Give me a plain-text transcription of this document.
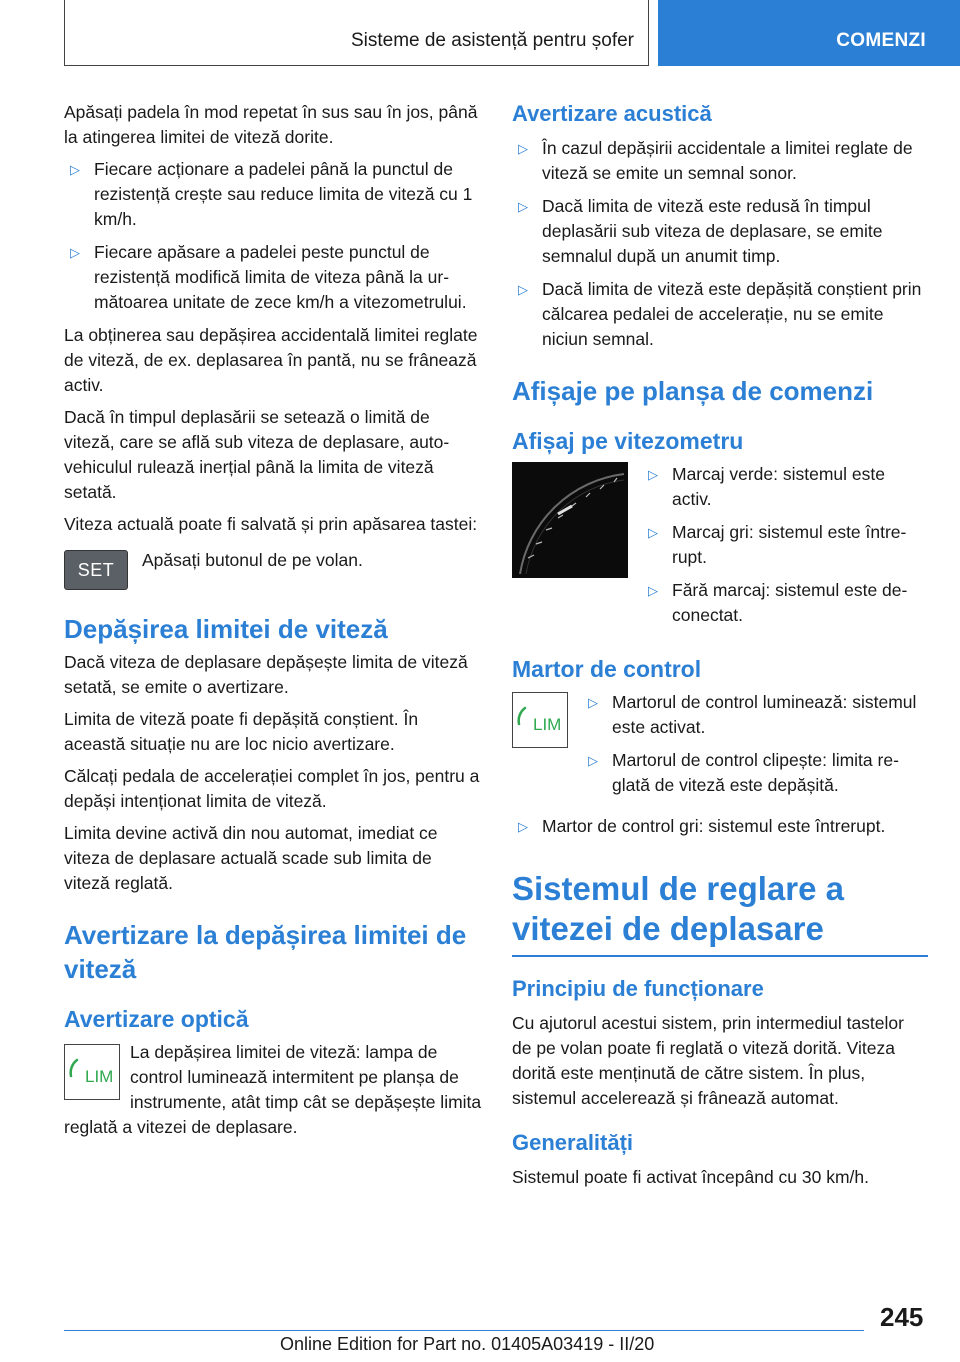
Sisteme de asistență pentru șofer	COMENZI

Apăsați padela în mod repetat în sus sau în jos, până la atingerea limitei de viteză dorite.

▷ Fiecare acționare a padelei până la punctul de rezistență crește sau reduce limita de viteză cu 1 km/h.
▷ Fiecare apăsare a padelei peste punctul de rezistență modifică limita de viteza până la următoarea unitate de zece km/h a vitezometrului.

La obținerea sau depășirea accidentală limitei reglate de viteză, de ex. deplasarea în pantă, nu se frânează activ.

Dacă în timpul deplasării se setează o limită de viteză, care se află sub viteza de deplasare, autovehiculul rulează inerțial până la limita de viteză setată.

Viteza actuală poate fi salvată și prin apăsarea tastei:

SET	Apăsați butonul de pe volan.

Depășirea limitei de viteză

Dacă viteza de deplasare depășește limita de viteză setată, se emite o avertizare.

Limita de viteză poate fi depășită conștient. În această situație nu are loc nicio avertizare.

Călcați pedala de accelerației complet în jos, pentru a depăși intenționat limita de viteză.

Limita devine activă din nou automat, imediat ce viteza de deplasare actuală scade sub limita de viteză reglată.

Avertizare la depășirea limitei de viteză
Avertizare optică
LIM

La depășirea limitei de viteză: lampa de control luminează intermitent pe planșa de instrumente, atât timp cât se depășește limita reglată a vitezei de deplasare.

Avertizare acustică
▷ În cazul depășirii accidentale a limitei reglate de viteză se emite un semnal sonor.
▷ Dacă limita de viteză este redusă în timpul deplasării sub viteza de deplasare, se emite semnalul după un anumit timp.
▷ Dacă limita de viteză este depășită conștient prin călcarea pedalei de accelerație, nu se emite niciun semnal.
Afișaje pe planșa de comenzi
Afișaj pe vitezometru
▷ Marcaj verde: sistemul este activ.
▷ Marcaj gri: sistemul este întrerupt.
▷ Fără marcaj: sistemul este deconectat.
Martor de control
LIM
▷ Martorul de control luminează: sistemul este activat.
▷ Martorul de control clipește: limita reglată de viteză este depășită.
▷ Martor de control gri: sistemul este întrerupt.
Sistemul de reglare a vitezei de deplasare
Principiu de funcționare

Cu ajutorul acestui sistem, prin intermediul tastelor de pe volan poate fi reglată o viteză dorită. Viteza dorită este menținută de către sistem. În plus, sistemul accelerează și frânează automat.

Generalități

Sistemul poate fi activat începând cu 30 km/h.

245
Online Edition for Part no. 01405A03419 - II/20
